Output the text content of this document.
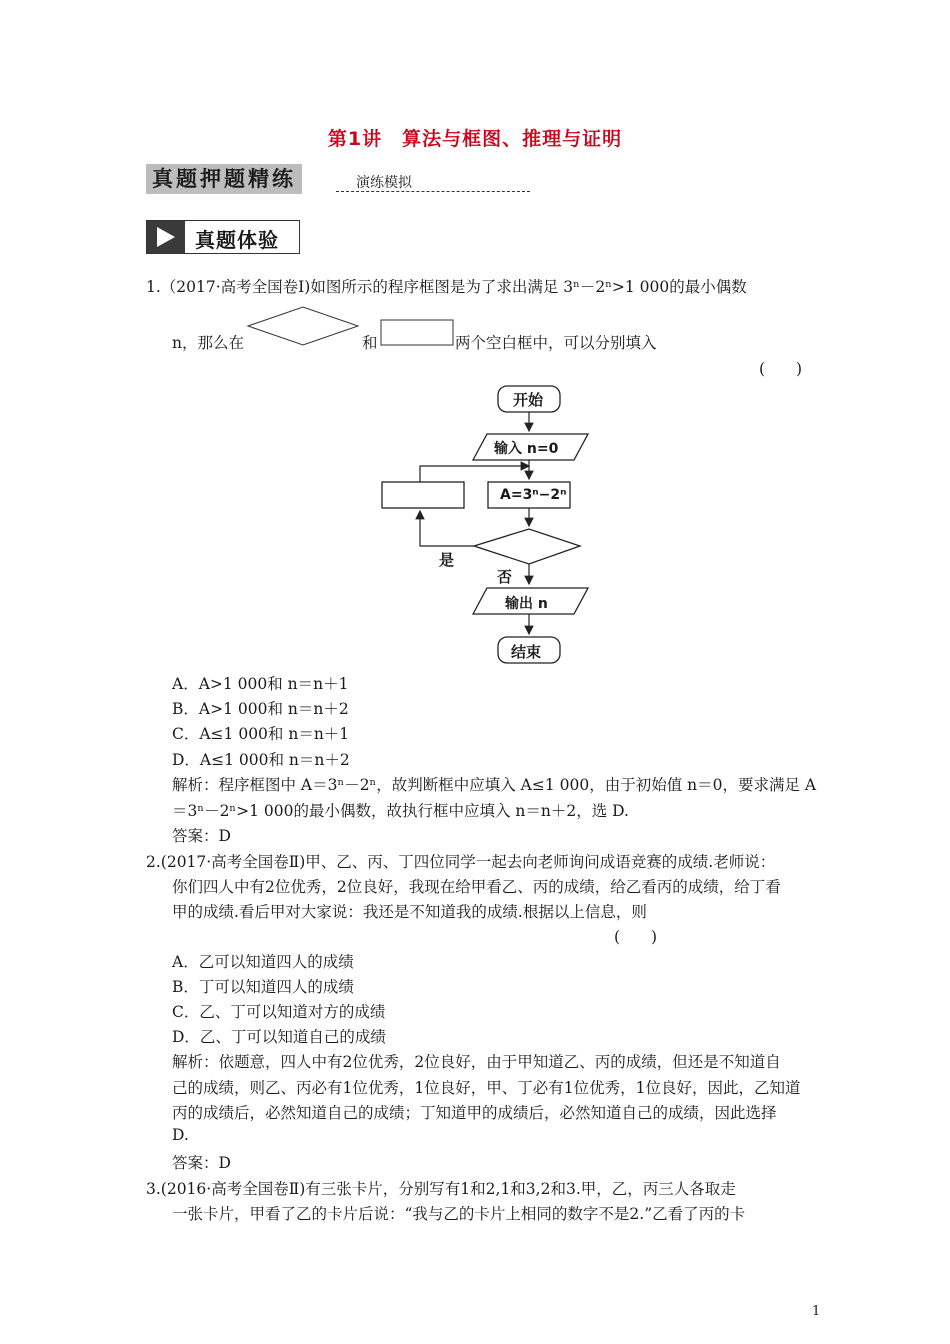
第1讲　算法与框图、推理与证明
真题押题精练	演练模拟
真题体验
1.（2017·高考全国卷Ⅰ)如图所示的程序框图是为了求出满足 3ⁿ－2ⁿ>1 000的最小偶数
n，那么在	和	两个空白框中，可以分别填入
(　　)
开始
输入 n=0
A=3ⁿ−2ⁿ
是
否
输出 n
结束
A．A>1 000和 n＝n＋1
B．A>1 000和 n＝n＋2
C．A≤1 000和 n＝n＋1
D．A≤1 000和 n＝n＋2
解析：程序框图中 A＝3ⁿ－2ⁿ，故判断框中应填入 A≤1 000，由于初始值 n＝0，要求满足 A
＝3ⁿ－2ⁿ>1 000的最小偶数，故执行框中应填入 n＝n＋2，选 D.
答案：D
2.(2017·高考全国卷Ⅱ)甲、乙、丙、丁四位同学一起去向老师询问成语竞赛的成绩.老师说：
你们四人中有2位优秀，2位良好，我现在给甲看乙、丙的成绩，给乙看丙的成绩，给丁看
甲的成绩.看后甲对大家说：我还是不知道我的成绩.根据以上信息，则
(　　)
A．乙可以知道四人的成绩
B．丁可以知道四人的成绩
C．乙、丁可以知道对方的成绩
D．乙、丁可以知道自己的成绩
解析：依题意，四人中有2位优秀，2位良好，由于甲知道乙、丙的成绩，但还是不知道自
己的成绩，则乙、丙必有1位优秀，1位良好，甲、丁必有1位优秀，1位良好，因此，乙知道
丙的成绩后，必然知道自己的成绩；丁知道甲的成绩后，必然知道自己的成绩，因此选择
D.
答案：D
3.(2016·高考全国卷Ⅱ)有三张卡片，分别写有1和2,1和3,2和3.甲，乙，丙三人各取走
一张卡片，甲看了乙的卡片后说：“我与乙的卡片上相同的数字不是2.”乙看了丙的卡
1
